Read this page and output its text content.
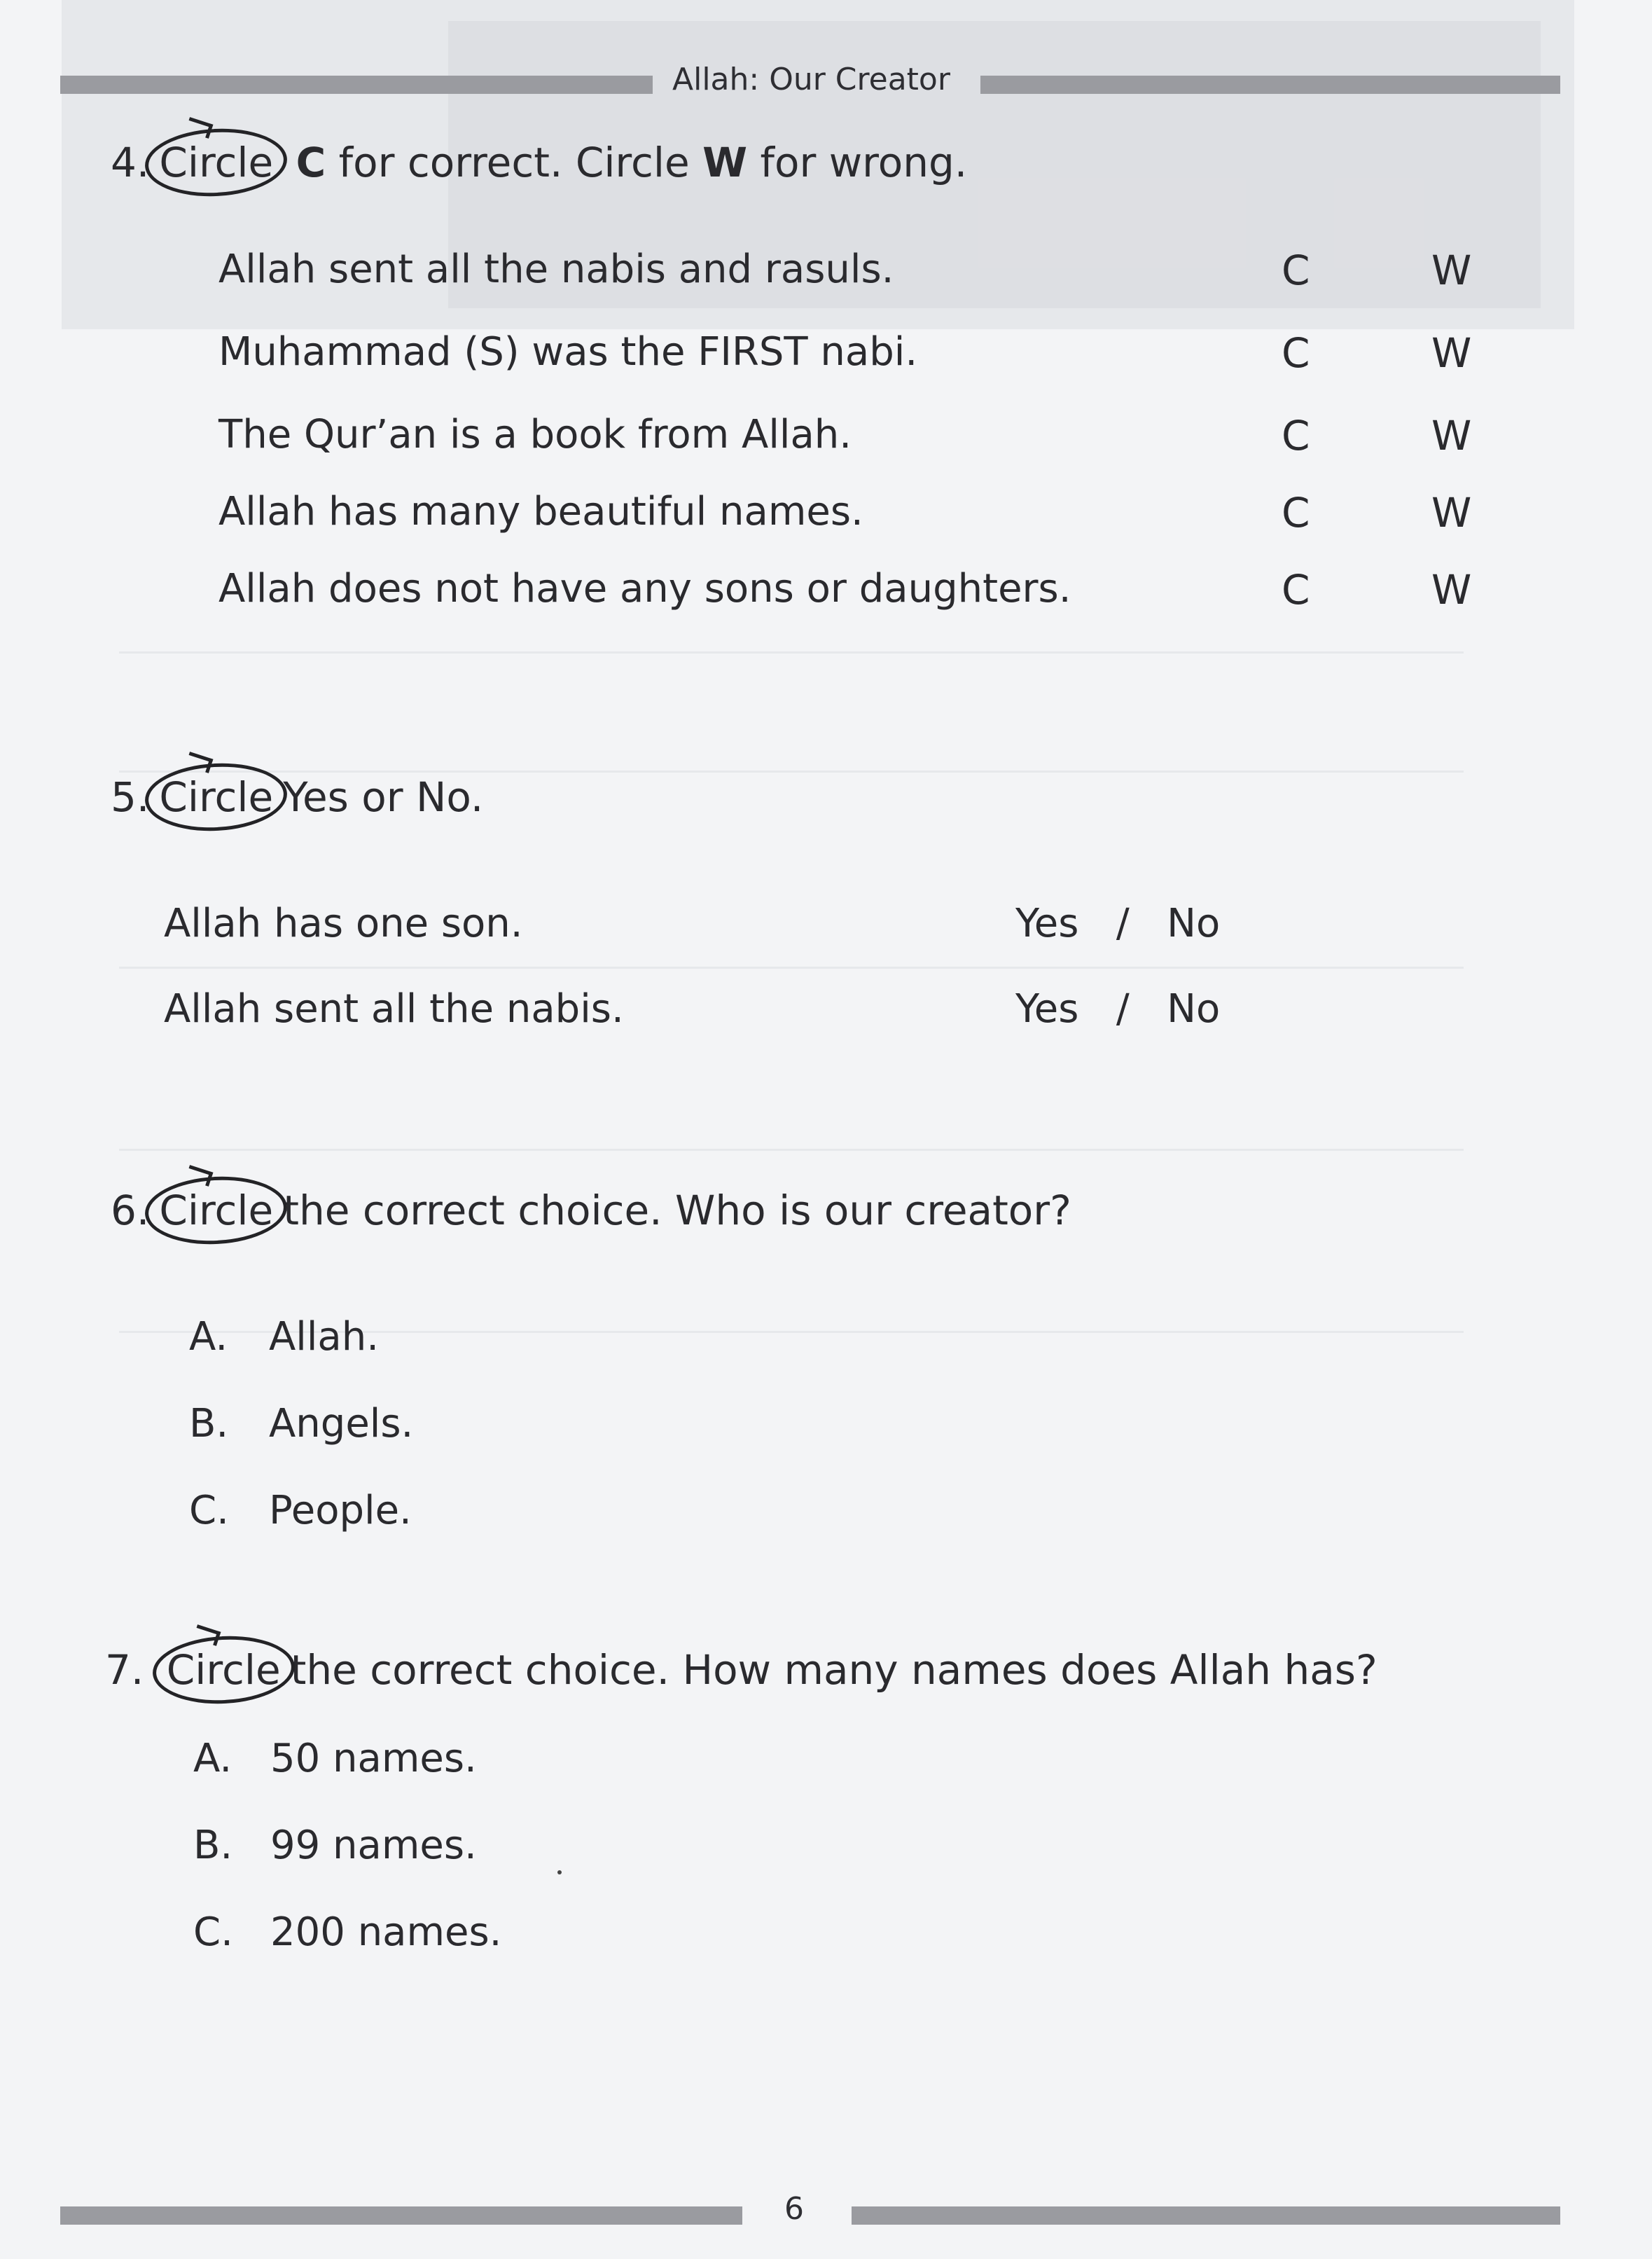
Allah: Our Creator
4. Circle C for correct. Circle W for wrong.
Allah sent all the nabis and rasuls.	C	W
Muhammad (S) was the FIRST nabi.	C	W
The Qur’an is a book from Allah.	C	W
Allah has many beautiful names.	C	W
Allah does not have any sons or daughters.	C	W
5. Circle Yes or No.
Allah has one son.	Yes / No
Allah sent all the nabis.	Yes / No
6. Circle the correct choice. Who is our creator?
A. Allah.
B. Angels.
C. People.
7. Circle the correct choice. How many names does Allah has?
A. 50 names.
B. 99 names.
C. 200 names.
6
